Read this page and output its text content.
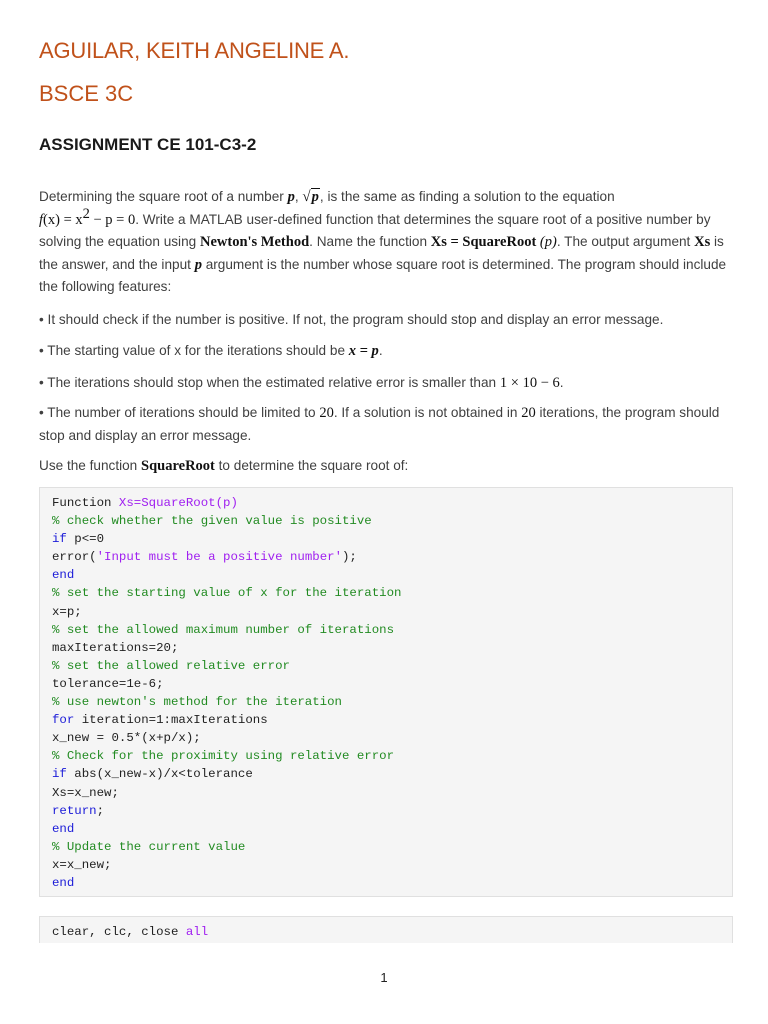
AGUILAR, KEITH ANGELINE A.
BSCE 3C
ASSIGNMENT CE 101-C3-2
Determining the square root of a number p, √p, is the same as finding a solution to the equation
$f(x) = x^2 - p = 0$. Write a MATLAB user-defined function that determines the square root of a positive number by solving the equation using Newton's Method. Name the function Xs = SquareRoot (p). The output argument Xs is the answer, and the input p argument is the number whose square root is determined. The program should include the following features:
• It should check if the number is positive. If not, the program should stop and display an error message.
• The starting value of x for the iterations should be x = p.
• The iterations should stop when the estimated relative error is smaller than 1 × 10 − 6.
• The number of iterations should be limited to 20. If a solution is not obtained in 20 iterations, the program should stop and display an error message.
Use the function SquareRoot to determine the square root of:
Function Xs=SquareRoot(p)
% check whether the given value is positive
if p<=0
error('Input must be a positive number');
end
% set the starting value of x for the iteration
x=p;
% set the allowed maximum number of iterations
maxIterations=20;
% set the allowed relative error
tolerance=1e-6;
% use newton's method for the iteration
for iteration=1:maxIterations
x_new = 0.5*(x+p/x);
% Check for the proximity using relative error
if abs(x_new-x)/x<tolerance
Xs=x_new;
return;
end
% Update the current value
x=x_new;
end
clear, clc, close all
1
